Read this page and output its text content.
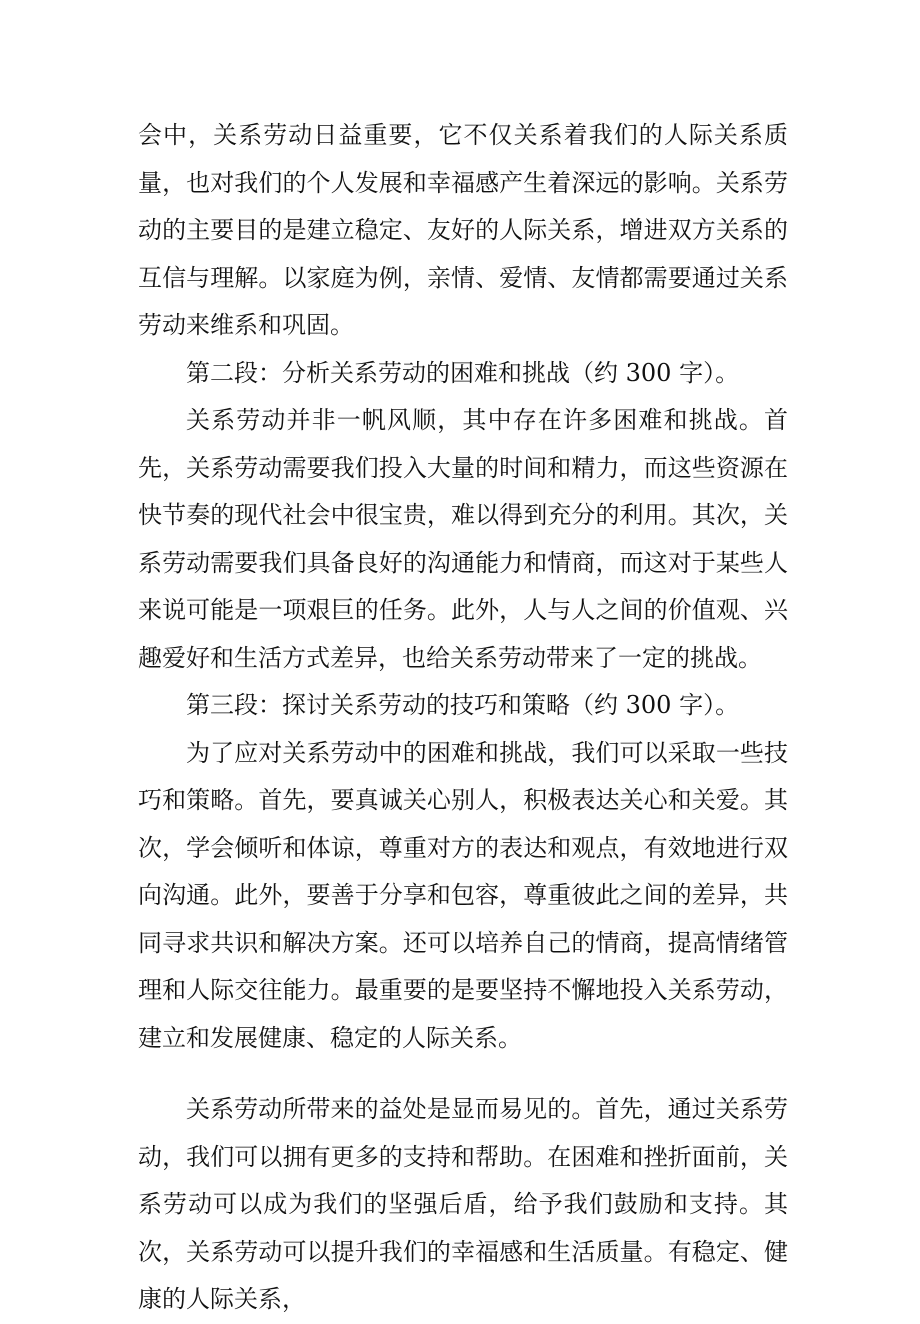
会中，关系劳动日益重要，它不仅关系着我们的人际关系质量，也对我们的个人发展和幸福感产生着深远的影响。关系劳动的主要目的是建立稳定、友好的人际关系，增进双方关系的互信与理解。以家庭为例，亲情、爱情、友情都需要通过关系劳动来维系和巩固。

第二段：分析关系劳动的困难和挑战（约 300 字）。

关系劳动并非一帆风顺，其中存在许多困难和挑战。首先，关系劳动需要我们投入大量的时间和精力，而这些资源在快节奏的现代社会中很宝贵，难以得到充分的利用。其次，关系劳动需要我们具备良好的沟通能力和情商，而这对于某些人来说可能是一项艰巨的任务。此外，人与人之间的价值观、兴趣爱好和生活方式差异，也给关系劳动带来了一定的挑战。

第三段：探讨关系劳动的技巧和策略（约 300 字）。

为了应对关系劳动中的困难和挑战，我们可以采取一些技巧和策略。首先，要真诚关心别人，积极表达关心和关爱。其次，学会倾听和体谅，尊重对方的表达和观点，有效地进行双向沟通。此外，要善于分享和包容，尊重彼此之间的差异，共同寻求共识和解决方案。还可以培养自己的情商，提高情绪管理和人际交往能力。最重要的是要坚持不懈地投入关系劳动，建立和发展健康、稳定的人际关系。

关系劳动所带来的益处是显而易见的。首先，通过关系劳动，我们可以拥有更多的支持和帮助。在困难和挫折面前，关系劳动可以成为我们的坚强后盾，给予我们鼓励和支持。其次，关系劳动可以提升我们的幸福感和生活质量。有稳定、健康的人际关系，
